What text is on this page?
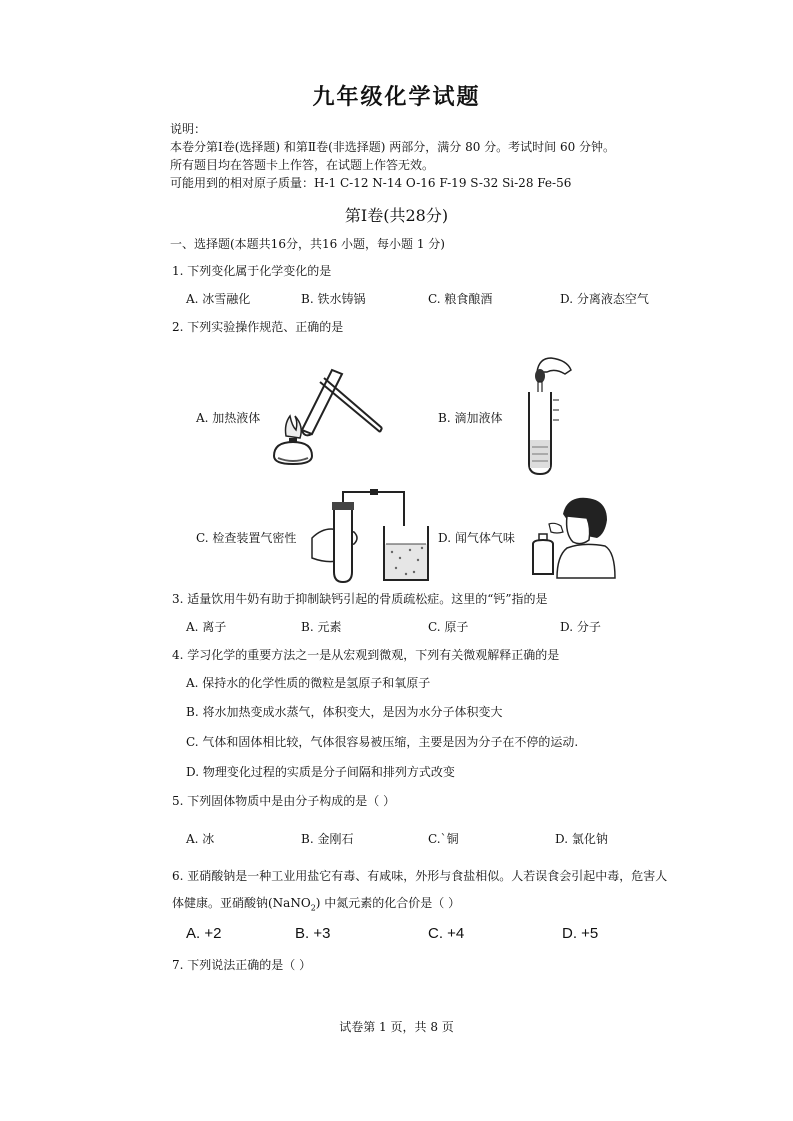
九年级化学试题
说明：
本卷分第Ⅰ卷(选择题) 和第Ⅱ卷(非选择题) 两部分，满分 80 分。考试时间 60 分钟。
所有题目均在答题卡上作答，在试题上作答无效。
可能用到的相对原子质量：H-1 C-12 N-14 O-16 F-19 S-32 Si-28 Fe-56
第Ⅰ卷(共28分)
一、选择题(本题共16分，共16 小题，每小题 1 分)
1. 下列变化属于化学变化的是
A. 冰雪融化	B. 铁水铸锅	C. 粮食酿酒	D. 分离液态空气
2. 下列实验操作规范、正确的是
A. 加热液体	B. 滴加液体
C. 检查装置气密性	D. 闻气体气味
3. 适量饮用牛奶有助于抑制缺钙引起的骨质疏松症。这里的“钙”指的是
A. 离子	B. 元素	C. 原子	D. 分子
4. 学习化学的重要方法之一是从宏观到微观，下列有关微观解释正确的是
A. 保持水的化学性质的微粒是氢原子和氧原子
B. 将水加热变成水蒸气，体积变大，是因为水分子体积变大
C. 气体和固体相比较，气体很容易被压缩，主要是因为分子在不停的运动.
D. 物理变化过程的实质是分子间隔和排列方式改变
5. 下列固体物质中是由分子构成的是（ ）
A. 冰	B. 金刚石	C.`铜	D. 氯化钠
6. 亚硝酸钠是一种工业用盐它有毒、有咸味，外形与食盐相似。人若误食会引起中毒，危害人
体健康。亚硝酸钠(NaNO$_2$) 中氮元素的化合价是（ ）
A. +2	B. +3	C. +4	D. +5
7. 下列说法正确的是（ ）
试卷第 1 页，共 8 页
